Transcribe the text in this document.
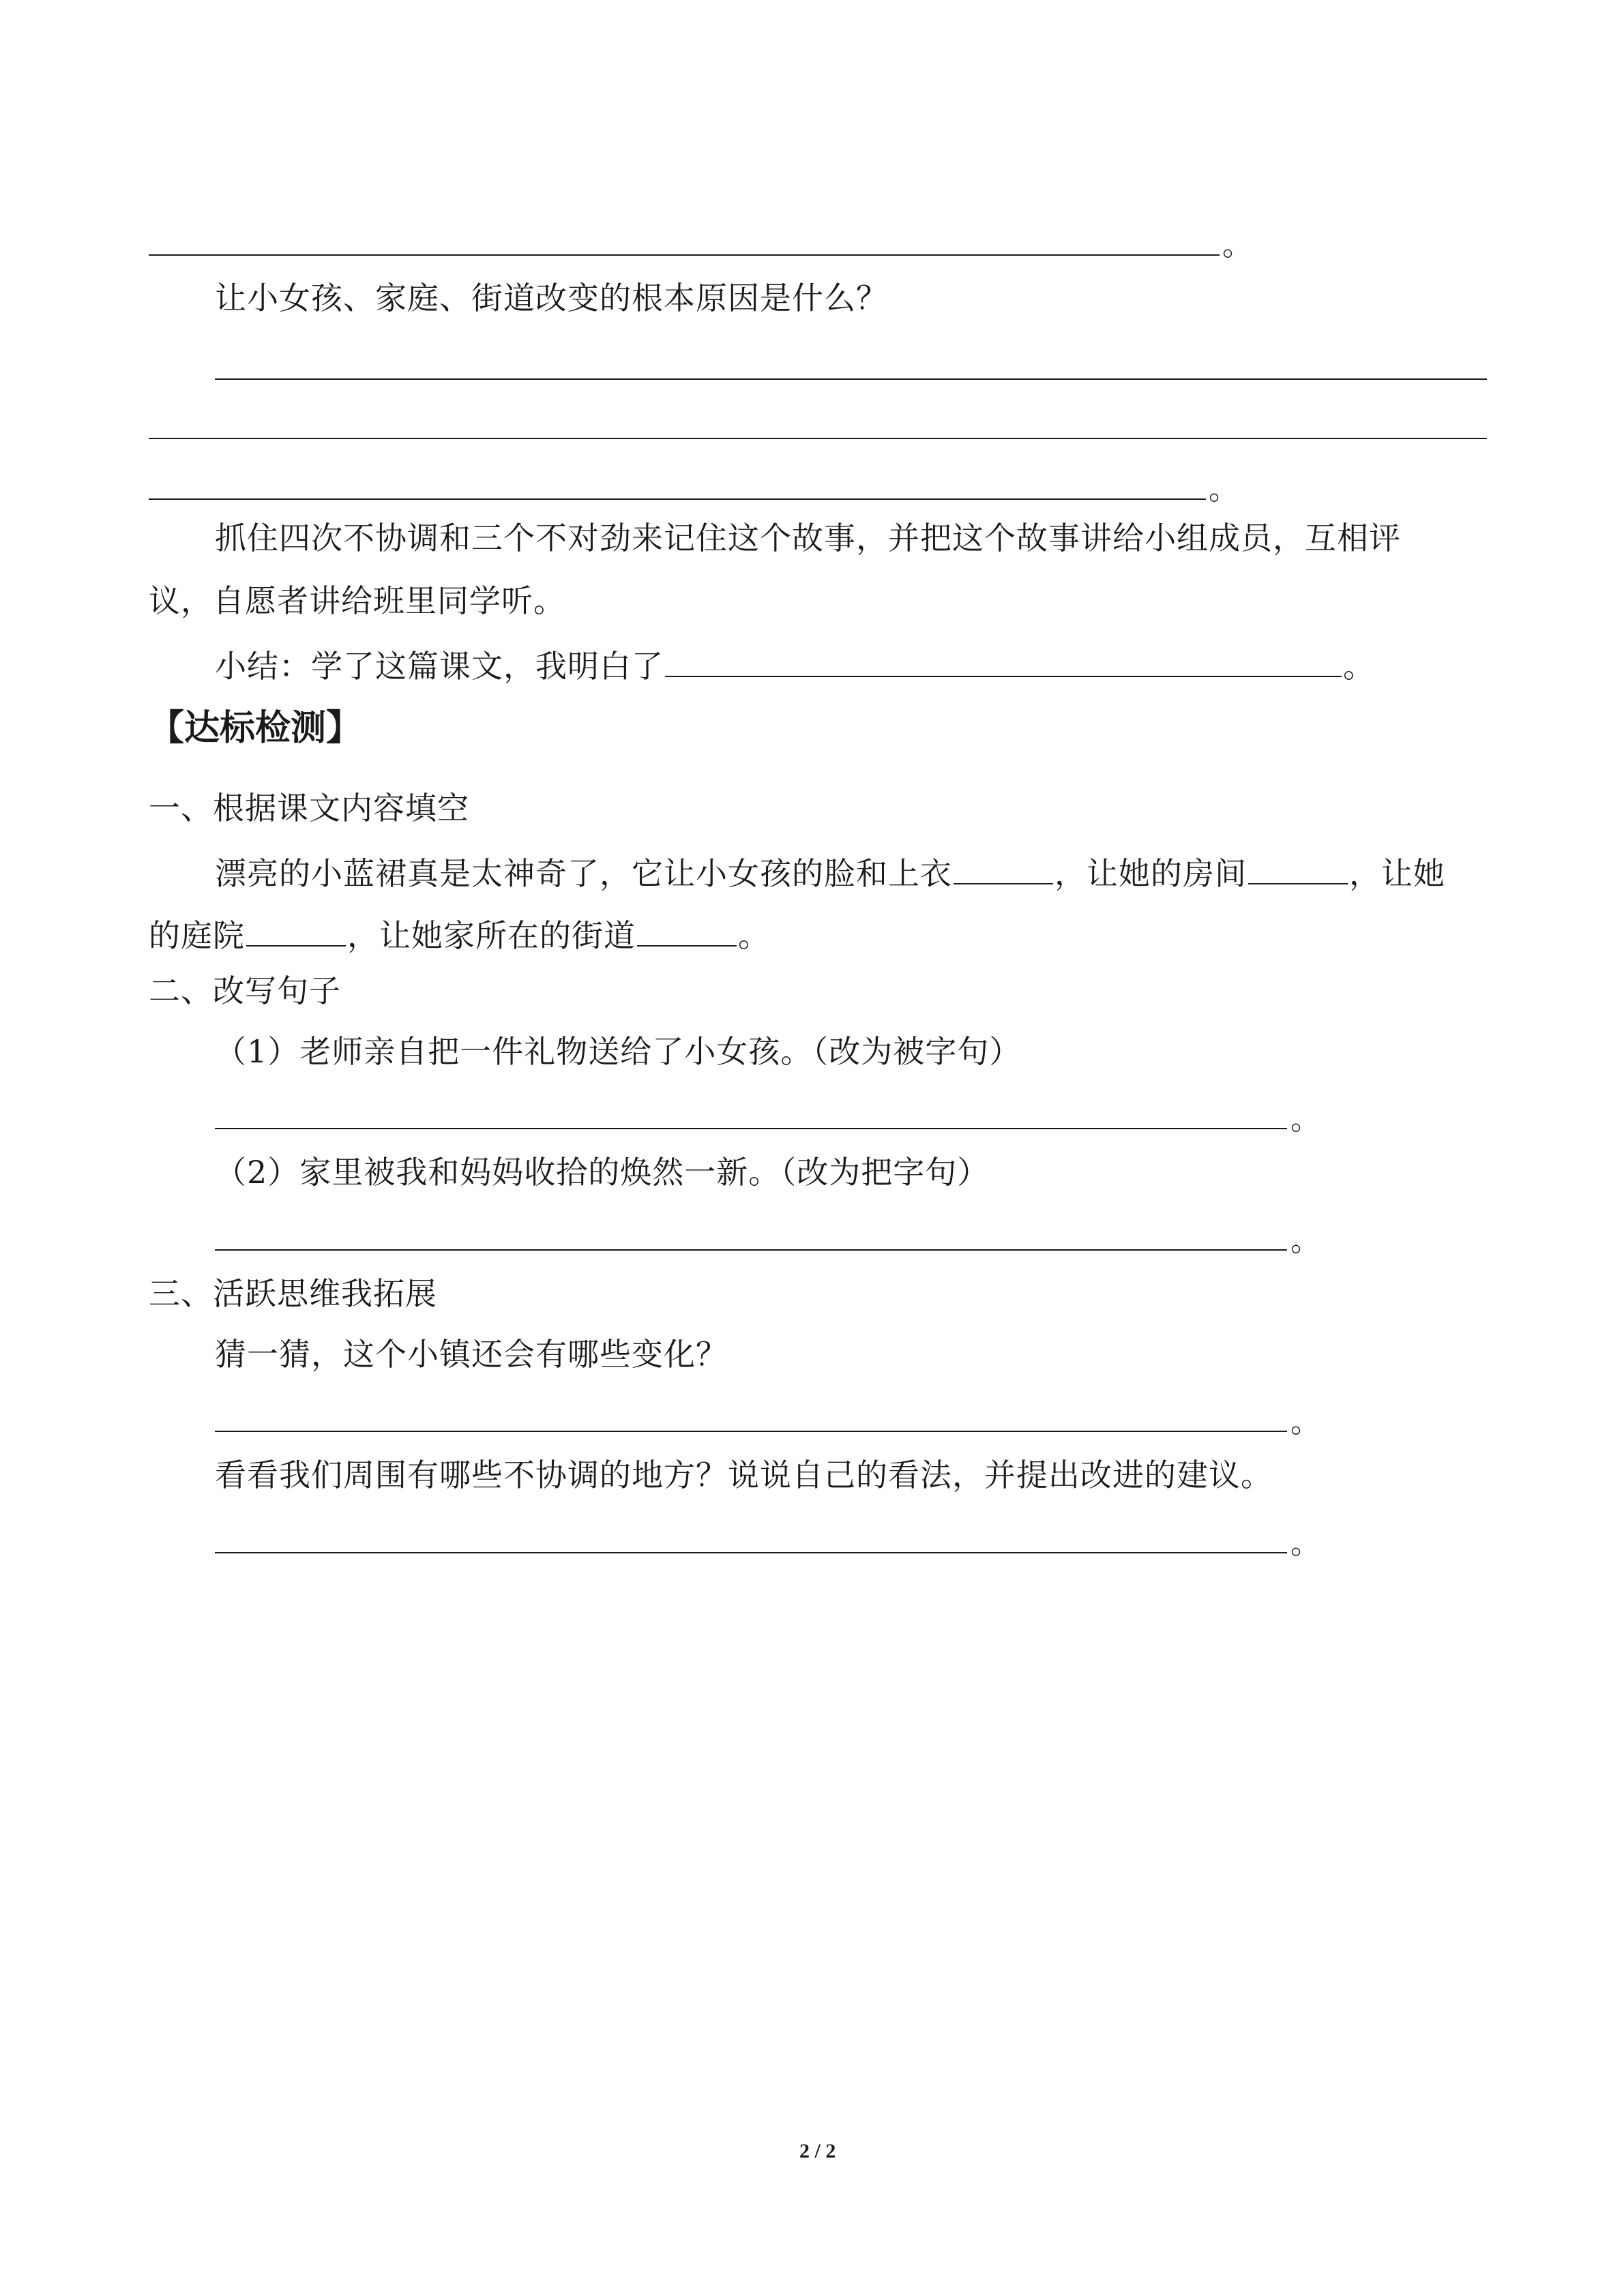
。
让小女孩、家庭、街道改变的根本原因是什么？
。
抓住四次不协调和三个不对劲来记住这个故事，并把这个故事讲给小组成员，互相评
议，自愿者讲给班里同学听。
小结：学了这篇课文，我明白了	。
【达标检测】
一、根据课文内容填空
漂亮的小蓝裙真是太神奇了，它让小女孩的脸和上衣	，让她的房间	，让她
的庭院	，让她家所在的街道	。
二、改写句子
（1）老师亲自把一件礼物送给了小女孩。（改为被字句）
。
（2）家里被我和妈妈收拾的焕然一新。（改为把字句）
。
三、活跃思维我拓展
猜一猜，这个小镇还会有哪些变化？
。
看看我们周围有哪些不协调的地方？说说自己的看法，并提出改进的建议。
。
2 / 2
